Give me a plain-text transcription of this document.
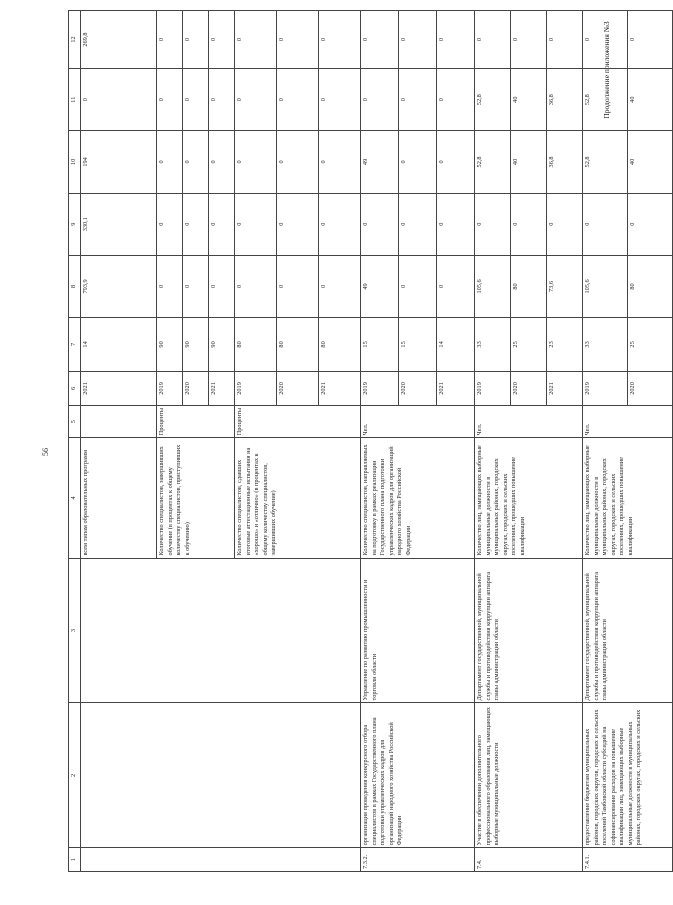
56
Продолжение приложения №3
1	2	3	4	5	6	7	8	9	10	11	12
			всем типам образовательных программ		2021	14	793,9	330,1	194	0	269,8
			Количество специалистов, завершивших обучение (в процентах к общему количеству специалистов, приступивших к обучению)	Проценты	2019	90	0	0	0	0	0
					2020	90	0	0	0	0	0
					2021	90	0	0	0	0	0
			Количество специалистов, сдавших итоговые аттестационные испытания на «хорошо» и «отлично» (в процентах к общему количеству специалистов, завершивших обучение)	Проценты	2019	80	0	0	0	0	0
					2020	80	0	0	0	0	0
					2021	80	0	0	0	0	0
7.3.2.	организация проведения конкурсного отбора специалистов в рамках Государственного плана подготовки управленческих кадров для организаций народного хозяйства Российской Федерации	Управление по развитию промышленности и торговли области	Количество специалистов, направляемых на подготовку в рамках реализации Государственного плана подготовки управленческих кадров для организаций народного хозяйства Российской Федерации	Чел.	2019	15	49	0	49	0	0
					2020	15	0	0	0	0	0
					2021	14	0	0	0	0	0
7.4.	Участие в обеспечении дополнительного профессионального образования лиц, замещающих выборные муниципальные должности	Департамент государственной, муниципальной службы и противодействия коррупции аппарата главы администрации области	Количество лиц, замещающих выборные муниципальные должности в муниципальных районах, городских округах, городских и сельских поселениях, прошедших повышение квалификации	Чел.	2019	33	105,6	0	52,8	52,8	0
					2020	25	80	0	40	40	0
					2021	23	73,6	0	36,8	36,8	0
7.4.1.	предоставление бюджетам муниципальных районов, городских округов, городских и сельских поселений Тамбовской области субсидий на софинансирование расходов на повышение квалификации лиц, замещающих выборные муниципальные должности в муниципальных районах, городских округах, городских и сельских	Департамент государственной, муниципальной службы и противодействия коррупции аппарата главы администрации области	Количество лиц, замещающих выборные муниципальные должности в муниципальных районах, городских округах, городских и сельских поселениях, прошедших повышение квалификации	Чел.	2019	33	105,6	0	52,8	52,8	0
					2020	25	80	0	40	40	0
